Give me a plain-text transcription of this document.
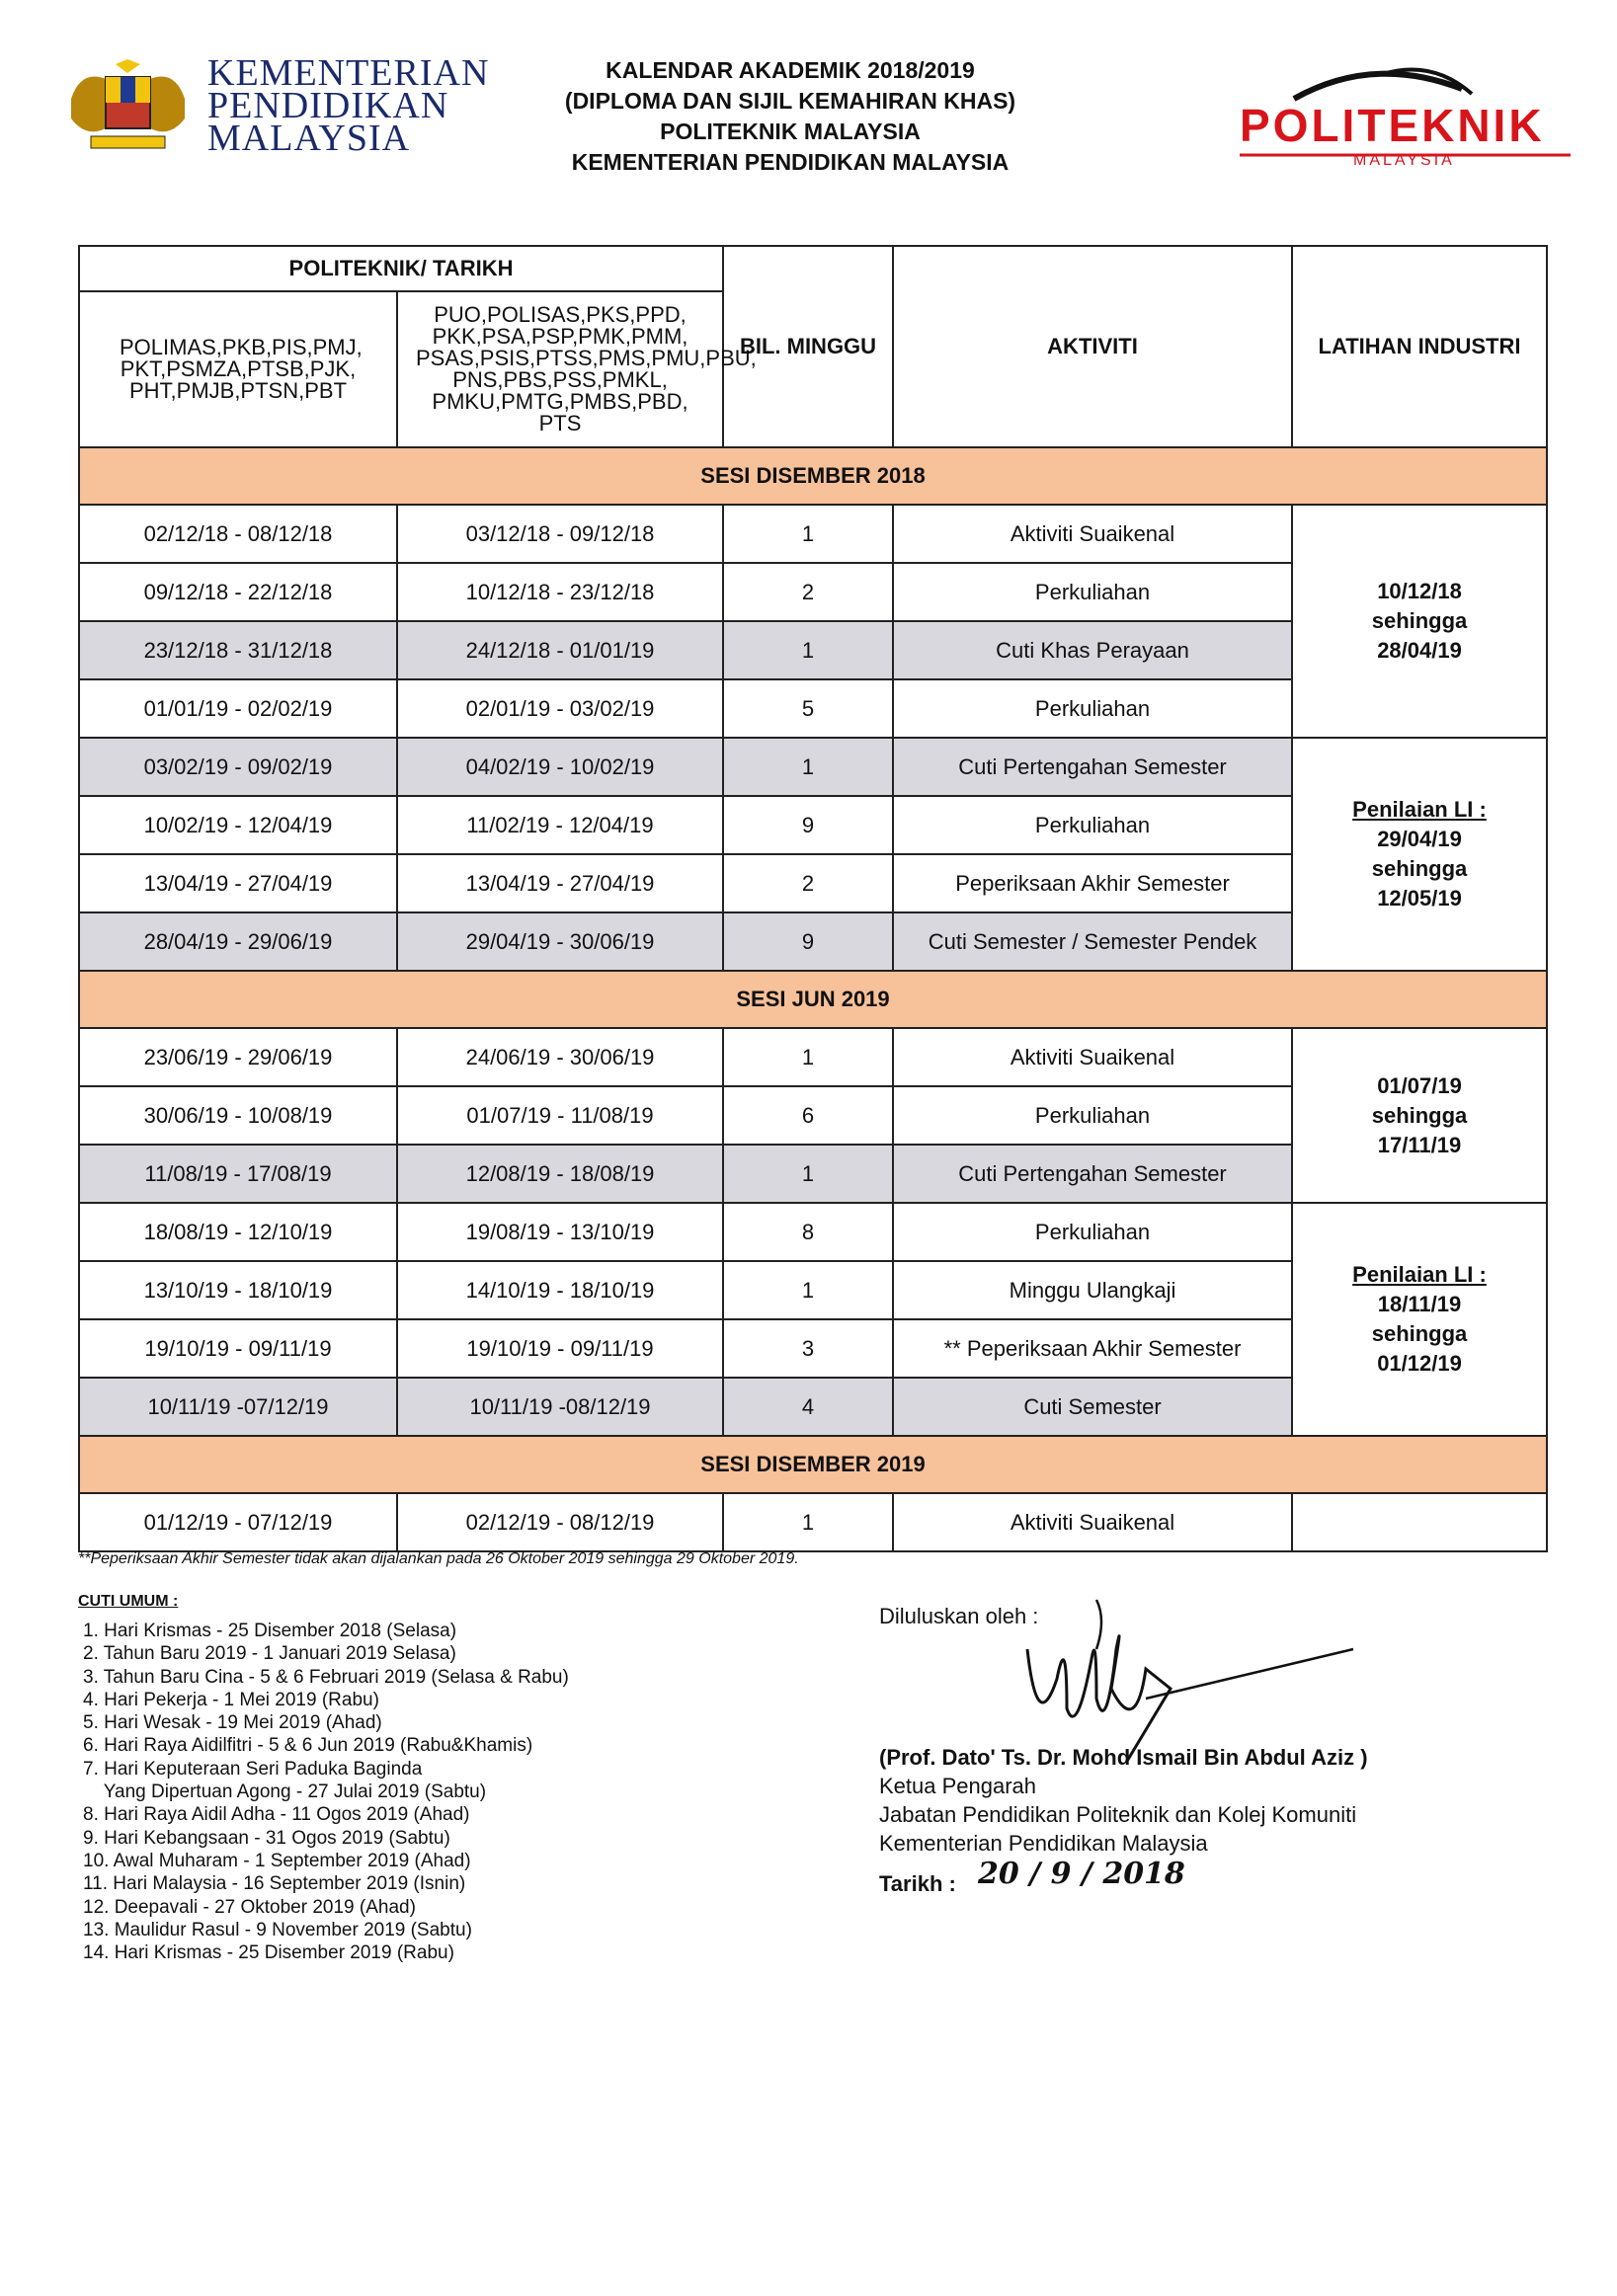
KEMENTERIAN
PENDIDIKAN
MALAYSIA
KALENDAR AKADEMIK 2018/2019
(DIPLOMA DAN SIJIL KEMAHIRAN KHAS)
POLITEKNIK MALAYSIA
KEMENTERIAN PENDIDIKAN MALAYSIA
POLITEKNIK
MALAYSIA
POLITEKNIK/ TARIKH		BIL. MINGGU	AKTIVITI	LATIHAN INDUSTRI
POLIMAS,PKB,PIS,PMJ, PKT,PSMZA,PTSB,PJK, PHT,PMJB,PTSN,PBT	PUO,POLISAS,PKS,PPD, PKK,PSA,PSP,PMK,PMM, PSAS,PSIS,PTSS,PMS,PMU,PBU, PNS,PBS,PSS,PMKL, PMKU,PMTG,PMBS,PBD, PTS			
SESI DISEMBER 2018				
02/12/18 - 08/12/18	03/12/18 - 09/12/18	1	Aktiviti Suaikenal	10/12/18
sehingga
28/04/19

09/12/18 - 22/12/18	10/12/18 - 23/12/18	2	Perkuliahan	
23/12/18 - 31/12/18	24/12/18 - 01/01/19	1	Cuti Khas Perayaan	
01/01/19 - 02/02/19	02/01/19 - 03/02/19	5	Perkuliahan	
03/02/19 - 09/02/19	04/02/19 - 10/02/19	1	Cuti Pertengahan Semester	Penilaian LI :
29/04/19
sehingga
12/05/19

10/02/19 - 12/04/19	11/02/19 - 12/04/19	9	Perkuliahan	
13/04/19 - 27/04/19	13/04/19 - 27/04/19	2	Peperiksaan Akhir Semester	
28/04/19 - 29/06/19	29/04/19 - 30/06/19	9	Cuti Semester / Semester Pendek	
SESI JUN 2019				
23/06/19 - 29/06/19	24/06/19 - 30/06/19	1	Aktiviti Suaikenal	01/07/19
sehingga
17/11/19

30/06/19 - 10/08/19	01/07/19 - 11/08/19	6	Perkuliahan	
11/08/19 - 17/08/19	12/08/19 - 18/08/19	1	Cuti Pertengahan Semester	
18/08/19 - 12/10/19	19/08/19 - 13/10/19	8	Perkuliahan	Penilaian LI :
18/11/19
sehingga
01/12/19

13/10/19 - 18/10/19	14/10/19 - 18/10/19	1	Minggu Ulangkaji	
19/10/19 - 09/11/19	19/10/19 - 09/11/19	3	** Peperiksaan Akhir Semester	
10/11/19 -07/12/19	10/11/19 -08/12/19	4	Cuti Semester	
SESI DISEMBER 2019				
01/12/19 - 07/12/19	02/12/19 - 08/12/19	1	Aktiviti Suaikenal	
**Peperiksaan Akhir Semester tidak akan dijalankan pada 26 Oktober 2019 sehingga 29 Oktober 2019.
CUTI UMUM :
1. Hari Krismas - 25 Disember 2018 (Selasa)
2. Tahun Baru 2019 - 1 Januari 2019 Selasa)
3. Tahun Baru Cina - 5 & 6 Februari 2019 (Selasa & Rabu)
4. Hari Pekerja - 1 Mei 2019 (Rabu)
5. Hari Wesak - 19 Mei 2019 (Ahad)
6. Hari Raya Aidilfitri - 5 & 6 Jun 2019 (Rabu&Khamis)
7. Hari Keputeraan Seri Paduka Baginda
Yang Dipertuan Agong - 27 Julai 2019 (Sabtu)
8. Hari Raya Aidil Adha - 11 Ogos 2019 (Ahad)
9. Hari Kebangsaan - 31 Ogos 2019 (Sabtu)
10. Awal Muharam - 1 September 2019 (Ahad)
11. Hari Malaysia - 16 September 2019 (Isnin)
12. Deepavali - 27 Oktober 2019 (Ahad)
13. Maulidur Rasul - 9 November 2019 (Sabtu)
14. Hari Krismas - 25 Disember 2019 (Rabu)
Diluluskan oleh :
(Prof. Dato' Ts. Dr. Mohd Ismail Bin Abdul Aziz )
Ketua Pengarah
Jabatan Pendidikan Politeknik dan Kolej Komuniti
Kementerian Pendidikan Malaysia
Tarikh : 20 / 9 / 2018
